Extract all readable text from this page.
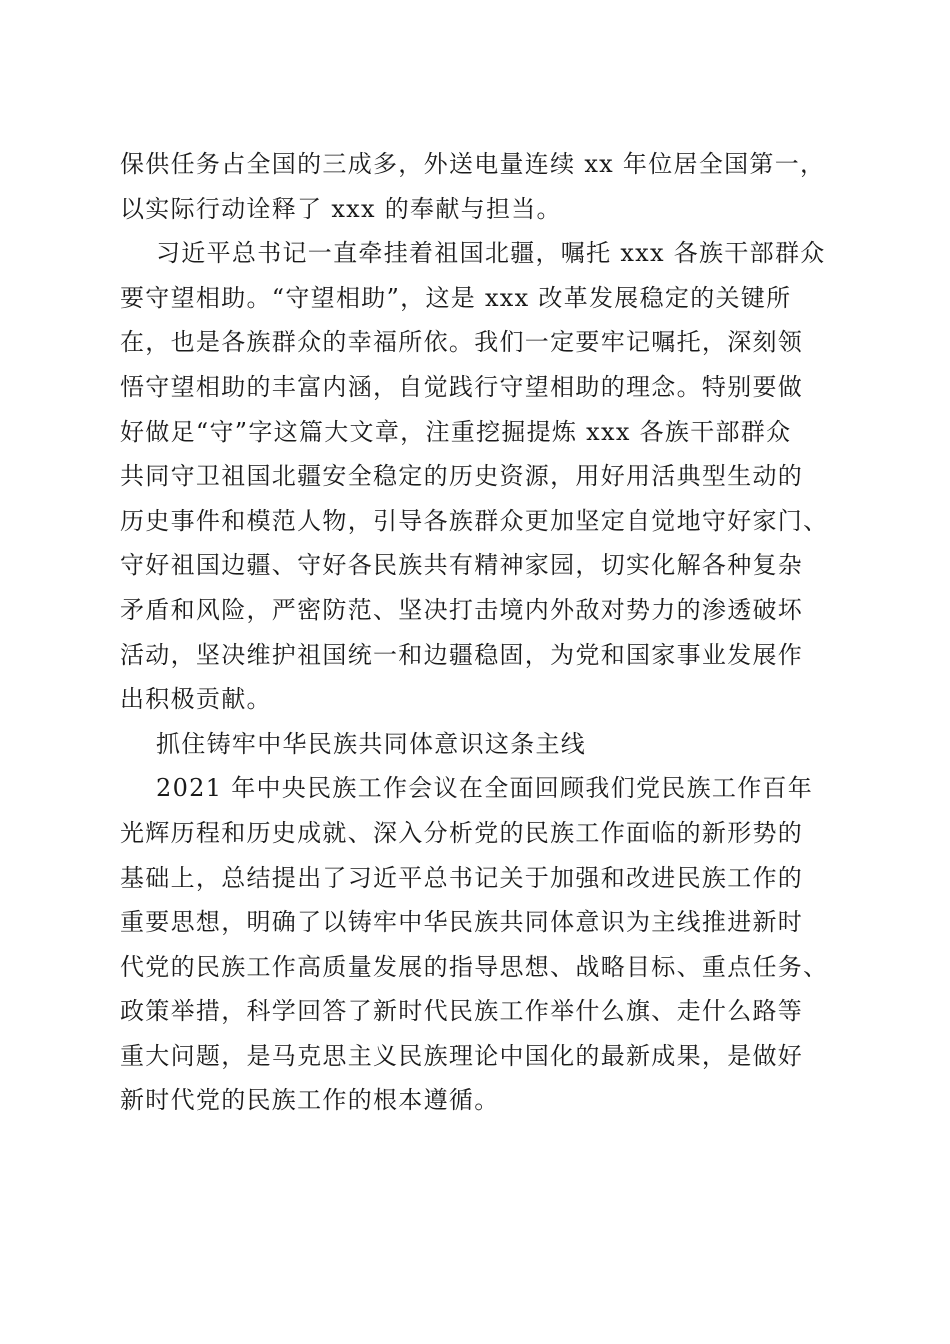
保供任务占全国的三成多，外送电量连续 xx 年位居全国第一，
以实际行动诠释了 xxx 的奉献与担当。
习近平总书记一直牵挂着祖国北疆，嘱托 xxx 各族干部群众
要守望相助。“守望相助”，这是 xxx 改革发展稳定的关键所
在，也是各族群众的幸福所依。我们一定要牢记嘱托，深刻领
悟守望相助的丰富内涵，自觉践行守望相助的理念。特别要做
好做足“守”字这篇大文章，注重挖掘提炼 xxx 各族干部群众
共同守卫祖国北疆安全稳定的历史资源，用好用活典型生动的
历史事件和模范人物，引导各族群众更加坚定自觉地守好家门、
守好祖国边疆、守好各民族共有精神家园，切实化解各种复杂
矛盾和风险，严密防范、坚决打击境内外敌对势力的渗透破坏
活动，坚决维护祖国统一和边疆稳固，为党和国家事业发展作
出积极贡献。
抓住铸牢中华民族共同体意识这条主线
2021 年中央民族工作会议在全面回顾我们党民族工作百年
光辉历程和历史成就、深入分析党的民族工作面临的新形势的
基础上，总结提出了习近平总书记关于加强和改进民族工作的
重要思想，明确了以铸牢中华民族共同体意识为主线推进新时
代党的民族工作高质量发展的指导思想、战略目标、重点任务、
政策举措，科学回答了新时代民族工作举什么旗、走什么路等
重大问题，是马克思主义民族理论中国化的最新成果，是做好
新时代党的民族工作的根本遵循。
